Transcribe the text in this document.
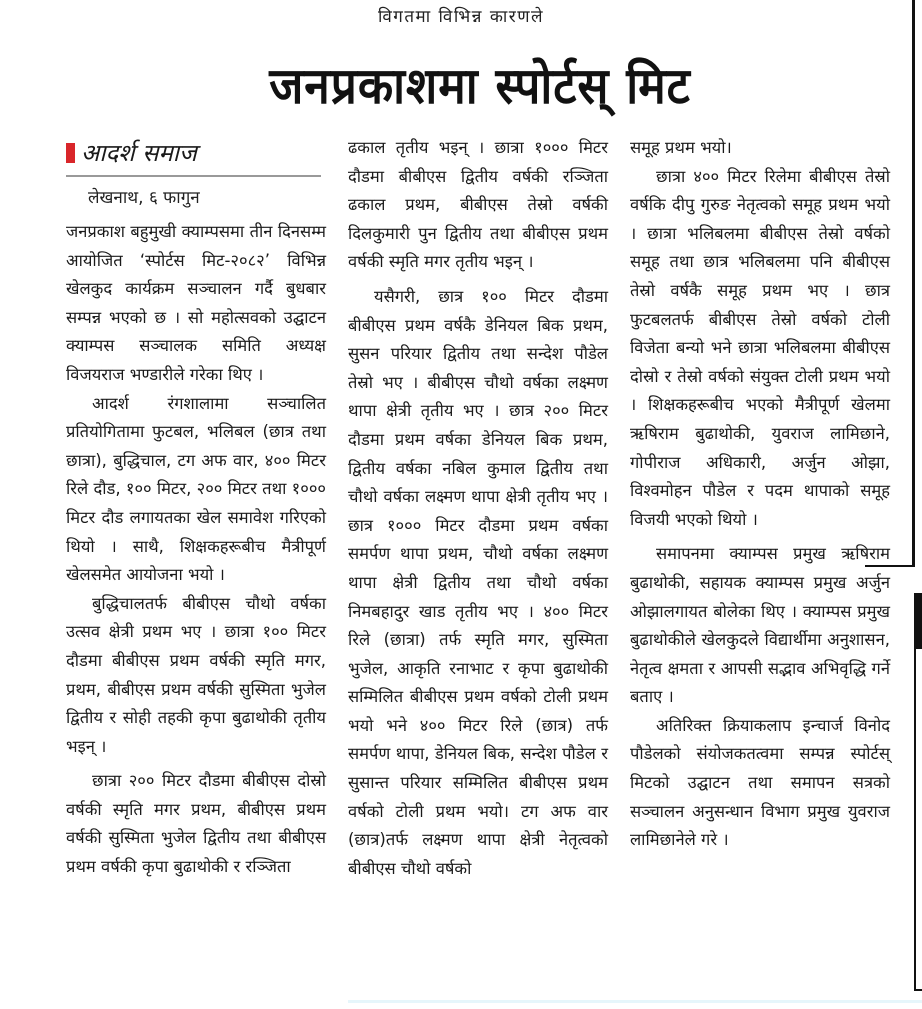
विगतमा विभिन्न कारणले
जनप्रकाशमा स्पोर्टस् मिट
आदर्श समाज
लेखनाथ, ६ फागुन

जनप्रकाश बहुमुखी क्याम्पसमा तीन दिनसम्म आयोजित ‘स्पोर्टस मिट-२०८२’ विभिन्न खेलकुद कार्यक्रम सञ्चालन गर्दै बुधबार सम्पन्न भएको छ । सो महोत्सवको उद्घाटन क्याम्पस सञ्चालक समिति अध्यक्ष विजयराज भण्डारीले गरेका थिए ।

आदर्श रंगशालामा सञ्चालित प्रतियोगितामा फुटबल, भलिबल (छात्र तथा छात्रा), बुद्धिचाल, टग अफ वार, ४०० मिटर रिले दौड, १०० मिटर, २०० मिटर तथा १००० मिटर दौड लगायतका खेल समावेश गरिएको थियो । साथै, शिक्षकहरूबीच मैत्रीपूर्ण खेलसमेत आयोजना भयो ।

बुद्धिचालतर्फ बीबीएस चौथो वर्षका उत्सव क्षेत्री प्रथम भए । छात्रा १०० मिटर दौडमा बीबीएस प्रथम वर्षकी स्मृति मगर, प्रथम, बीबीएस प्रथम वर्षकी सुस्मिता भुजेल द्वितीय र सोही तहकी कृपा बुढाथोकी तृतीय भइन् ।

छात्रा २०० मिटर दौडमा बीबीएस दोस्रो वर्षकी स्मृति मगर प्रथम, बीबीएस प्रथम वर्षकी सुस्मिता भुजेल द्वितीय तथा बीबीएस प्रथम वर्षकी कृपा बुढाथोकी र रञ्जिता

ढकाल तृतीय भइन् । छात्रा १००० मिटर दौडमा बीबीएस द्वितीय वर्षकी रञ्जिता ढकाल प्रथम, बीबीएस तेस्रो वर्षकी दिलकुमारी पुन द्वितीय तथा बीबीएस प्रथम वर्षकी स्मृति मगर तृतीय भइन् ।

यसैगरी, छात्र १०० मिटर दौडमा बीबीएस प्रथम वर्षकै डेनियल बिक प्रथम, सुसन परियार द्वितीय तथा सन्देश पौडेल तेस्रो भए । बीबीएस चौथो वर्षका लक्ष्मण थापा क्षेत्री तृतीय भए । छात्र २०० मिटर दौडमा प्रथम वर्षका डेनियल बिक प्रथम, द्वितीय वर्षका नबिल कुमाल द्वितीय तथा चौथो वर्षका लक्ष्मण थापा क्षेत्री तृतीय भए । छात्र १००० मिटर दौडमा प्रथम वर्षका समर्पण थापा प्रथम, चौथो वर्षका लक्ष्मण थापा क्षेत्री द्वितीय तथा चौथो वर्षका निमबहादुर खाड तृतीय भए । ४०० मिटर रिले (छात्रा) तर्फ स्मृति मगर, सुस्मिता भुजेल, आकृति रनाभाट र कृपा बुढाथोकी सम्मिलित बीबीएस प्रथम वर्षको टोली प्रथम भयो भने ४०० मिटर रिले (छात्र) तर्फ समर्पण थापा, डेनियल बिक, सन्देश पौडेल र सुसान्त परियार सम्मिलित बीबीएस प्रथम वर्षको टोली प्रथम भयो। टग अफ वार (छात्र)तर्फ लक्ष्मण थापा क्षेत्री नेतृत्वको बीबीएस चौथो वर्षको

समूह प्रथम भयो।

छात्रा ४०० मिटर रिलेमा बीबीएस तेस्रो वर्षकि दीपु गुरुङ नेतृत्वको समूह प्रथम भयो । छात्रा भलिबलमा बीबीएस तेस्रो वर्षको समूह तथा छात्र भलिबलमा पनि बीबीएस तेस्रो वर्षकै समूह प्रथम भए । छात्र फुटबलतर्फ बीबीएस तेस्रो वर्षको टोली विजेता बन्यो भने छात्रा भलिबलमा बीबीएस दोस्रो र तेस्रो वर्षको संयुक्त टोली प्रथम भयो । शिक्षकहरूबीच भएको मैत्रीपूर्ण खेलमा ऋषिराम बुढाथोकी, युवराज लामिछाने, गोपीराज अधिकारी, अर्जुन ओझा, विश्वमोहन पौडेल र पदम थापाको समूह विजयी भएको थियो ।

समापनमा क्याम्पस प्रमुख ऋषिराम बुढाथोकी, सहायक क्याम्पस प्रमुख अर्जुन ओझालगायत बोलेका थिए । क्याम्पस प्रमुख बुढाथोकीले खेलकुदले विद्यार्थीमा अनुशासन, नेतृत्व क्षमता र आपसी सद्भाव अभिवृद्धि गर्ने बताए ।

अतिरिक्त क्रियाकलाप इन्चार्ज विनोद पौडेलको संयोजकतत्वमा सम्पन्न स्पोर्टस् मिटको उद्घाटन तथा समापन सत्रको सञ्चालन अनुसन्धान विभाग प्रमुख युवराज लामिछानेले गरे ।
